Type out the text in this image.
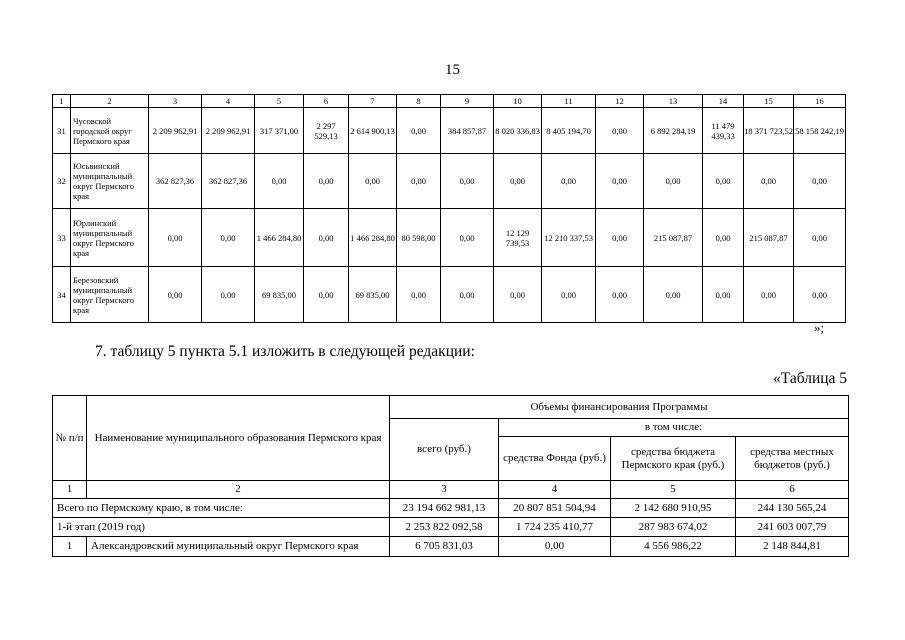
15
1	2	3	4	5	6	7	8	9	10	11	12	13	14	15	16
31	Чусовской городской округ Пермского края	2 209 962,91	2 209 962,91	317 371,00	2 297 529,13	2 614 900,13	0,00	384 857,87	8 020 336,83	8 405 194,70	0,00	6 892 284,19	11 479 439,33	18 371 723,52	58 158 242,19
32	Юсьвинский муниципальный округ Пермского края	362 827,36	362 827,36	0,00	0,00	0,00	0,00	0,00	0,00	0,00	0,00	0,00	0,00	0,00	0,00
33	Юрлинский муниципальный округ Пермского края	0,00	0,00	1 466 284,80	0,00	1 466 284,80	80 598,00	0,00	12 129 739,53	12 210 337,53	0,00	215 087,87	0,00	215 087,87	0,00
34	Березовский муниципальный округ Пермского края	0,00	0,00	69 835,00	0,00	69 835,00	0,00	0,00	0,00	0,00	0,00	0,00	0,00	0,00	0,00
»;
7. таблицу 5 пункта 5.1 изложить в следующей редакции:
«Таблица 5
№ п/п	Наименование муниципального образования Пермского края	Объемы финансирования Программы			
		всего (руб.)	в том числе:		
			средства Фонда (руб.)	средства бюджета Пермского края (руб.)	средства местных бюджетов (руб.)
1	2	3	4	5	6
Всего по Пермскому краю, в том числе:		23 194 662 981,13	20 807 851 504,94	2 142 680 910,95	244 130 565,24
1-й этап (2019 год)		2 253 822 092,58	1 724 235 410,77	287 983 674,02	241 603 007,79
1	Александровский муниципальный округ Пермского края	6 705 831,03	0,00	4 556 986,22	2 148 844,81
